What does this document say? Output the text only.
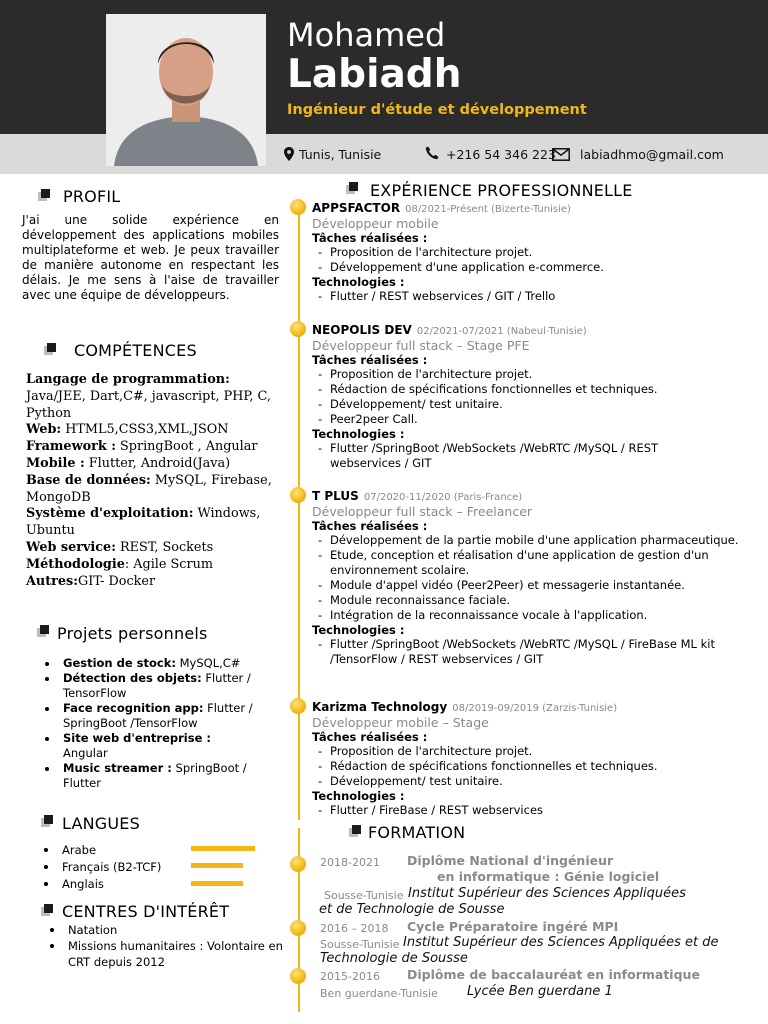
Mohamed
Labiadh
Ingénieur d'étude et développement
Tunis, Tunisie	+216 54 346 223 labiadhmo@gmail.com
PROFIL

J'ai une solide expérience en développement des applications mobiles multiplateforme et web. Je peux travailler de manière autonome en respectant les délais. Je me sens à l'aise de travailler avec une équipe de développeurs.

COMPÉTENCES
Langage de programmation: Java/JEE, Dart,C#, javascript, PHP, C, Python
Web: HTML5,CSS3,XML,JSON
Framework : SpringBoot , Angular
Mobile : Flutter, Android(Java)
Base de données: MySQL, Firebase, MongoDB
Système d'exploitation: Windows, Ubuntu
Web service: REST, Sockets
Méthodologie: Agile Scrum
Autres:GIT- Docker
Projets personnels
Gestion de stock: MySQL,C#
Détection des objets: Flutter / TensorFlow
Face recognition app: Flutter / SpringBoot /TensorFlow
Site web d'entreprise : Angular
Music streamer : SpringBoot / Flutter
LANGUES
Arabe
Français (B2-TCF)
Anglais
CENTRES D'INTÉRÊT
Natation
Missions humanitaires : Volontaire en CRT depuis 2012
EXPÉRIENCE PROFESSIONNELLE
APPSFACTOR 08/2021-Présent (Bizerte-Tunisie)
Développeur mobile
Tâches réalisées :
- Proposition de l'architecture projet.
- Développement d'une application e-commerce.
Technologies :
- Flutter / REST webservices / GIT / Trello
NEOPOLIS DEV 02/2021-07/2021 (Nabeul-Tunisie)
Développeur full stack – Stage PFE
Tâches réalisées :
- Proposition de l'architecture projet.
- Rédaction de spécifications fonctionnelles et techniques.
- Développement/ test unitaire.
- Peer2peer Call.
Technologies :
- Flutter /SpringBoot /WebSockets /WebRTC /MySQL / REST webservices / GIT
T PLUS 07/2020-11/2020 (Paris-France)
Développeur full stack – Freelancer
Tâches réalisées :
- Développement de la partie mobile d'une application pharmaceutique.
- Etude, conception et réalisation d'une application de gestion d'un environnement scolaire.
- Module d'appel vidéo (Peer2Peer) et messagerie instantanée.
- Module reconnaissance faciale.
- Intégration de la reconnaissance vocale à l'application.
Technologies :
- Flutter /SpringBoot /WebSockets /WebRTC /MySQL / FireBase ML kit /TensorFlow / REST webservices / GIT
Karizma Technology 08/2019-09/2019 (Zarzis-Tunisie)
Développeur mobile – Stage
Tâches réalisées :
- Proposition de l'architecture projet.
- Rédaction de spécifications fonctionnelles et techniques.
- Développement/ test unitaire.
Technologies :
- Flutter / FireBase / REST webservices
FORMATION
2018-2021 Diplôme National d'ingénieur
en informatique : Génie logiciel
Sousse-Tunisie Institut Supérieur des Sciences Appliquées
et de Technologie de Sousse
2016 – 2018 Cycle Préparatoire ingéré MPI
Sousse-Tunisie Institut Supérieur des Sciences Appliquées et de
Technologie de Sousse
2015-2016 Diplôme de baccalauréat en informatique
Ben guerdane-Tunisie Lycée Ben guerdane 1
